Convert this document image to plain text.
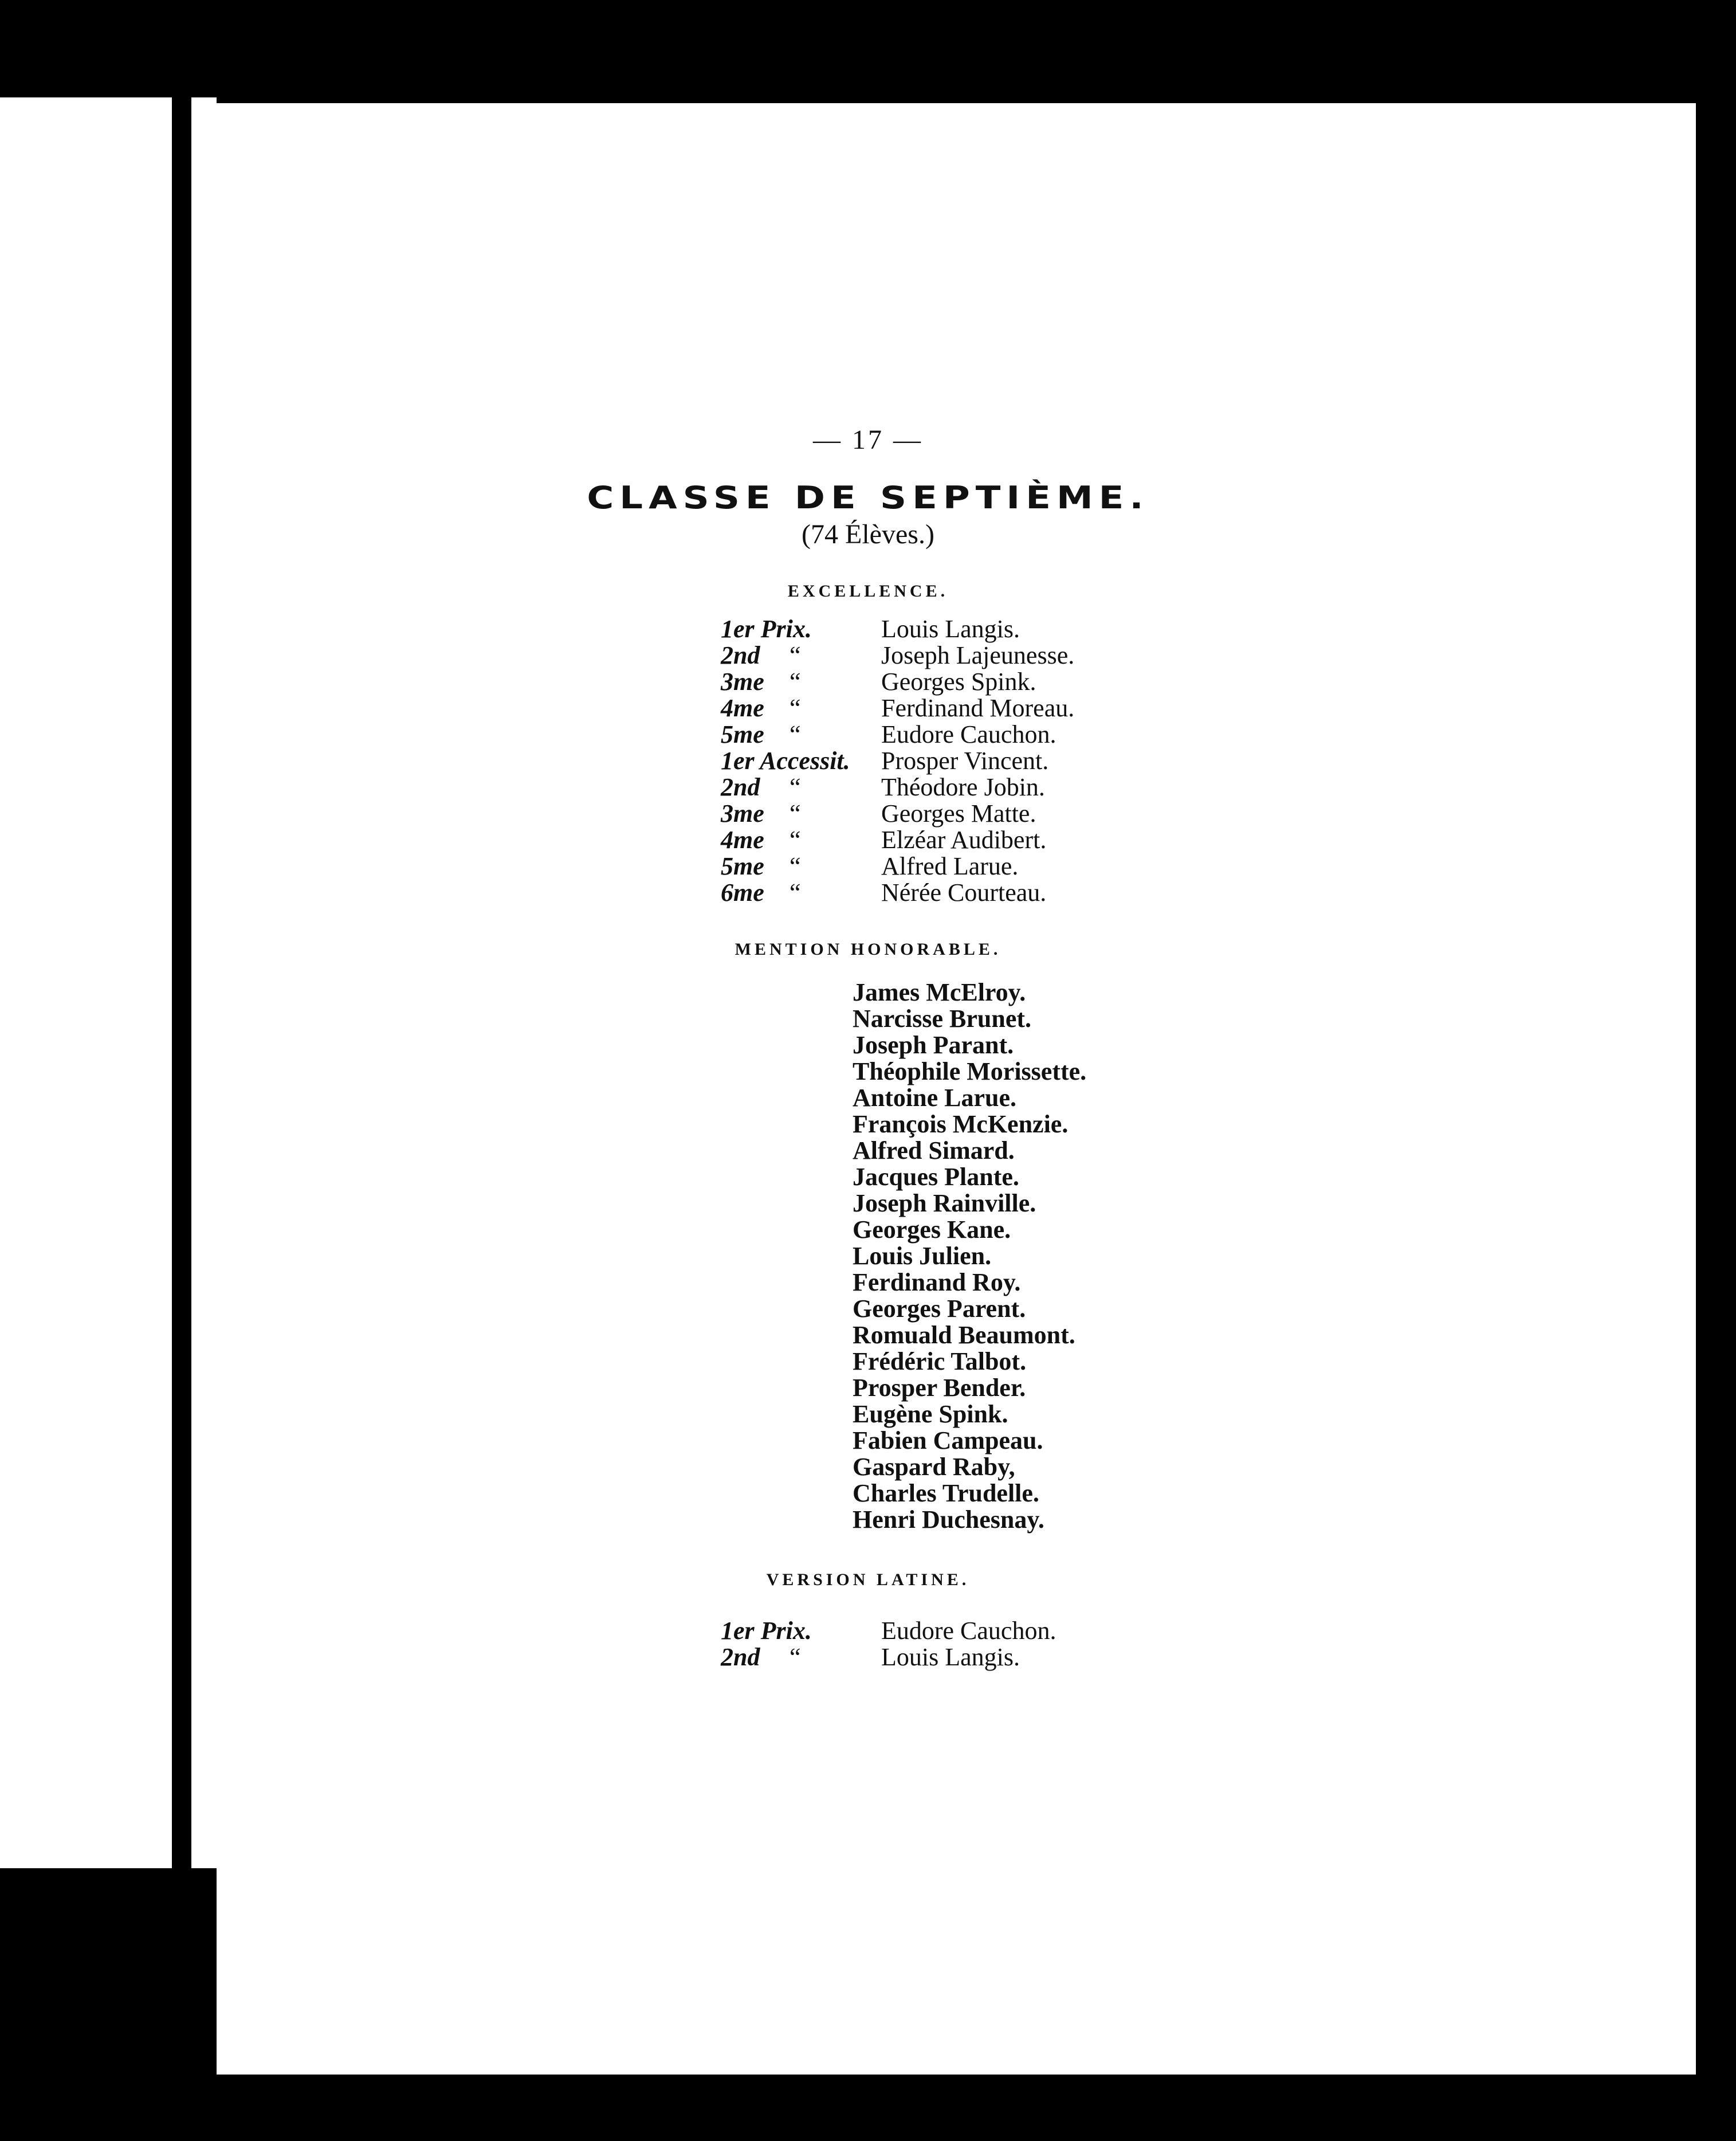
— 17 —
CLASSE DE SEPTIÈME.
(74 Élèves.)
EXCELLENCE.
1er Prix.	Louis Langis.
2nd “	Joseph Lajeunesse.
3me “	Georges Spink.
4me “	Ferdinand Moreau.
5me “	Eudore Cauchon.
1er Accessit. Prosper Vincent.
2nd “	Théodore Jobin.
3me “	Georges Matte.
4me “	Elzéar Audibert.
5me “	Alfred Larue.
6me “	Nérée Courteau.
MENTION HONORABLE.
James McElroy.
Narcisse Brunet.
Joseph Parant.
Théophile Morissette.
Antoine Larue.
François McKenzie.
Alfred Simard.
Jacques Plante.
Joseph Rainville.
Georges Kane.
Louis Julien.
Ferdinand Roy.
Georges Parent.
Romuald Beaumont.
Frédéric Talbot.
Prosper Bender.
Eugène Spink.
Fabien Campeau.
Gaspard Raby,
Charles Trudelle.
Henri Duchesnay.
VERSION LATINE.
1er Prix.	Eudore Cauchon.
2nd “	Louis Langis.
